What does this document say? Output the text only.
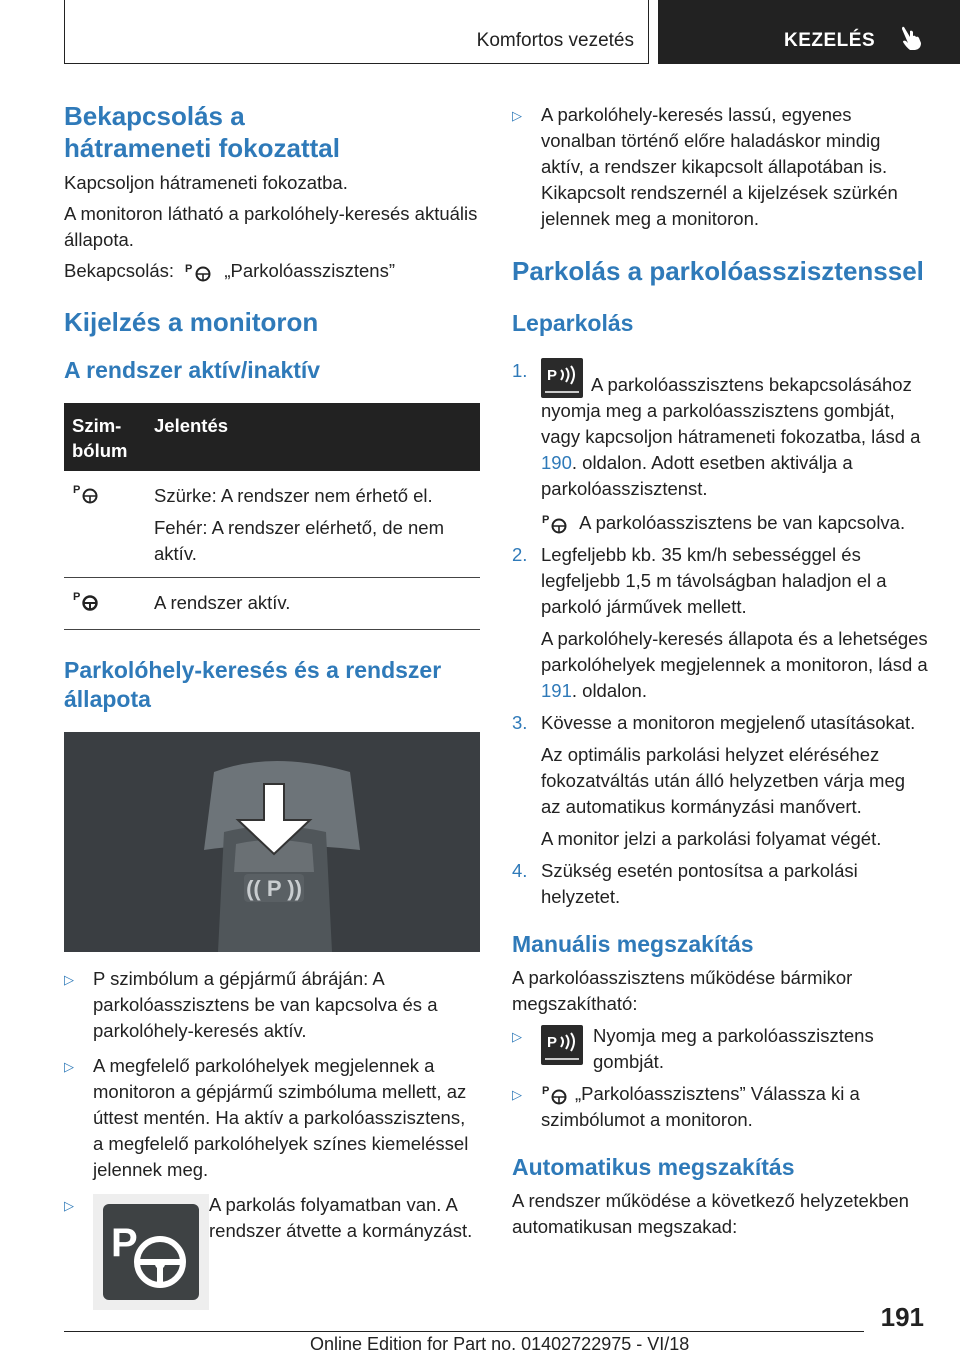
Komfortos vezetés	KEZELÉS
Bekapcsolás a hátrameneti fokozattal

Kapcsoljon hátrameneti fokozatba.

A monitoron látható a parkolóhely-keresés aktuális állapota.

Bekapcsolás: P „Parkolóasszisztens”

Kijelzés a monitoron
A rendszer aktív/inaktív
Szim-bólum	Jelentés

P	Szürke: A rendszer nem érhető el.

Fehér: A rendszer elérhető, de nem aktív.

P	A rendszer aktív.
Parkolóhely-keresés és a rendszer állapota
(( P ))
▷ P szimbólum a gépjármű ábráján: A parkolóasszisztens be van kapcsolva és a parkolóhely-keresés aktív.

▷ A megfelelő parkolóhelyek megjelennek a monitoron a gépjármű szimbóluma mellett, az úttest mentén. Ha aktív a parkolóasszisztens, a megfelelő parkolóhelyek színes kiemeléssel jelennek meg.

▷
P

A parkolás folyamatban van. A rendszer átvette a kormányzást.

▷ A parkolóhely-keresés lassú, egyenes vonalban történő előre haladáskor mindig aktív, a rendszer kikapcsolt állapotában is. Kikapcsolt rendszernél a kijelzések szürkén jelennek meg a monitoron.

Parkolás a parkolóasszisztenssel
Leparkolás
1. P A parkolóasszisztens bekapcsolásához nyomja meg a parkolóasszisztens gombját, vagy kapcsoljon hátrameneti fokozatba, lásd a 190. oldalon. Adott esetben aktiválja a parkolóasszisztenst.

P A parkolóasszisztens be van kapcsolva.

2. Legfeljebb kb. 35 km/h sebességgel és legfeljebb 1,5 m távolságban haladjon el a parkoló járművek mellett.

A parkolóhely-keresés állapota és a lehetséges parkolóhelyek megjelennek a monitoron, lásd a 191. oldalon.

3. Kövesse a monitoron megjelenő utasításokat.

Az optimális parkolási helyzet eléréséhez fokozatváltás után álló helyzetben várja meg az automatikus kormányzási manővert.

A monitor jelzi a parkolási folyamat végét.

4. Szükség esetén pontosítsa a parkolási helyzetet.

Manuális megszakítás

A parkolóasszisztens működése bármikor megszakítható:

▷ P Nyomja meg a parkolóasszisztens gombját.

▷ P „Parkolóasszisztens” Válassza ki a szimbólumot a monitoron.

Automatikus megszakítás

A rendszer működése a következő helyzetekben automatikusan megszakad:

191
Online Edition for Part no. 01402722975 - VI/18
